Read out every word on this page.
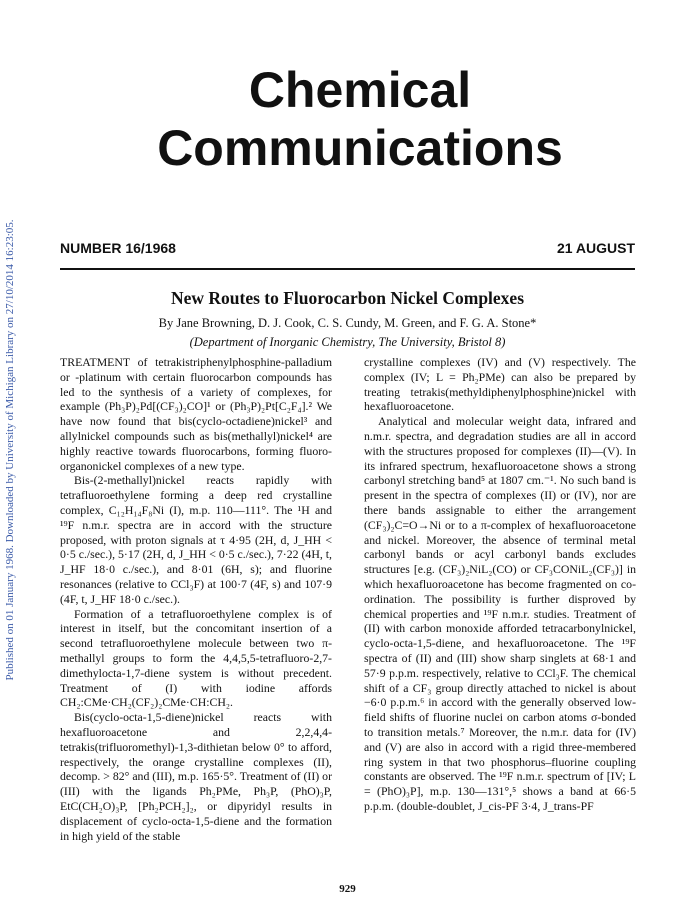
Published on 01 January 1968. Downloaded by University of Michigan Library on 27/10/2014 16:23:05.
Chemical
Communications
NUMBER 16/1968	21 AUGUST
New Routes to Fluorocarbon Nickel Complexes
By Jane Browning, D. J. Cook, C. S. Cundy, M. Green, and F. G. A. Stone*
(Department of Inorganic Chemistry, The University, Bristol 8)

TREATMENT of tetrakistriphenylphosphine-palladium or -platinum with certain fluorocarbon compounds has led to the synthesis of a variety of complexes, for example (Ph₃P)₂Pd[(CF₃)₂CO]¹ or (Ph₃P)₂Pt[C₂F₄].² We have now found that bis(cyclo-octadiene)nickel³ and allylnickel compounds such as bis(methallyl)nickel⁴ are highly reactive towards fluorocarbons, forming fluoro-organonickel complexes of a new type.

Bis-(2-methallyl)nickel reacts rapidly with tetrafluoroethylene forming a deep red crystalline complex, C₁₂H₁₄F₈Ni (I), m.p. 110—111°. The ¹H and ¹⁹F n.m.r. spectra are in accord with the structure proposed, with proton signals at τ 4·95 (2H, d, J_HH < 0·5 c./sec.), 5·17 (2H, d, J_HH < 0·5 c./sec.), 7·22 (4H, t, J_HF 18·0 c./sec.), and 8·01 (6H, s); and fluorine resonances (relative to CCl₃F) at 100·7 (4F, s) and 107·9 (4F, t, J_HF 18·0 c./sec.).

Formation of a tetrafluoroethylene complex is of interest in itself, but the concomitant insertion of a second tetrafluoroethylene molecule between two π-methallyl groups to form the 4,4,5,5-tetrafluoro-2,7-dimethylocta-1,7-diene system is without precedent. Treatment of (I) with iodine affords CH₂:CMe·CH₂(CF₂)₂CMe·CH:CH₂.

Bis(cyclo-octa-1,5-diene)nickel reacts with hexafluoroacetone and 2,2,4,4-tetrakis(trifluoromethyl)-1,3-dithietan below 0° to afford, respectively, the orange crystalline complexes (II), decomp. > 82° and (III), m.p. 165·5°. Treatment of (II) or (III) with the ligands Ph₂PMe, Ph₃P, (PhO)₃P, EtC(CH₂O)₃P, [Ph₂PCH₂]₂, or dipyridyl results in displacement of cyclo-octa-1,5-diene and the formation in high yield of the stable

crystalline complexes (IV) and (V) respectively. The complex (IV; L = Ph₂PMe) can also be prepared by treating tetrakis(methyldiphenylphosphine)nickel with hexafluoroacetone.

Analytical and molecular weight data, infrared and n.m.r. spectra, and degradation studies are all in accord with the structures proposed for complexes (II)—(V). In its infrared spectrum, hexafluoroacetone shows a strong carbonyl stretching band⁵ at 1807 cm.⁻¹. No such band is present in the spectra of complexes (II) or (IV), nor are there bands assignable to either the arrangement (CF₃)₂C=O→Ni or to a π-complex of hexafluoroacetone and nickel. Moreover, the absence of terminal metal carbonyl bands or acyl carbonyl bands excludes structures [e.g. (CF₃)₂NiL₂(CO) or CF₃CONiL₂(CF₃)] in which hexafluoroacetone has become fragmented on co-ordination. The possibility is further disproved by chemical properties and ¹⁹F n.m.r. studies. Treatment of (II) with carbon monoxide afforded tetracarbonylnickel, cyclo-octa-1,5-diene, and hexafluoroacetone. The ¹⁹F spectra of (II) and (III) show sharp singlets at 68·1 and 57·9 p.p.m. respectively, relative to CCl₃F. The chemical shift of a CF₃ group directly attached to nickel is about −6·0 p.p.m.⁶ in accord with the generally observed low-field shifts of fluorine nuclei on carbon atoms σ-bonded to transition metals.⁷ Moreover, the n.m.r. data for (IV) and (V) are also in accord with a rigid three-membered ring system in that two phosphorus–fluorine coupling constants are observed. The ¹⁹F n.m.r. spectrum of [IV; L = (PhO)₃P], m.p. 130—131°,⁵ shows a band at 66·5 p.p.m. (double-doublet, J_cis-PF 3·4, J_trans-PF

929
